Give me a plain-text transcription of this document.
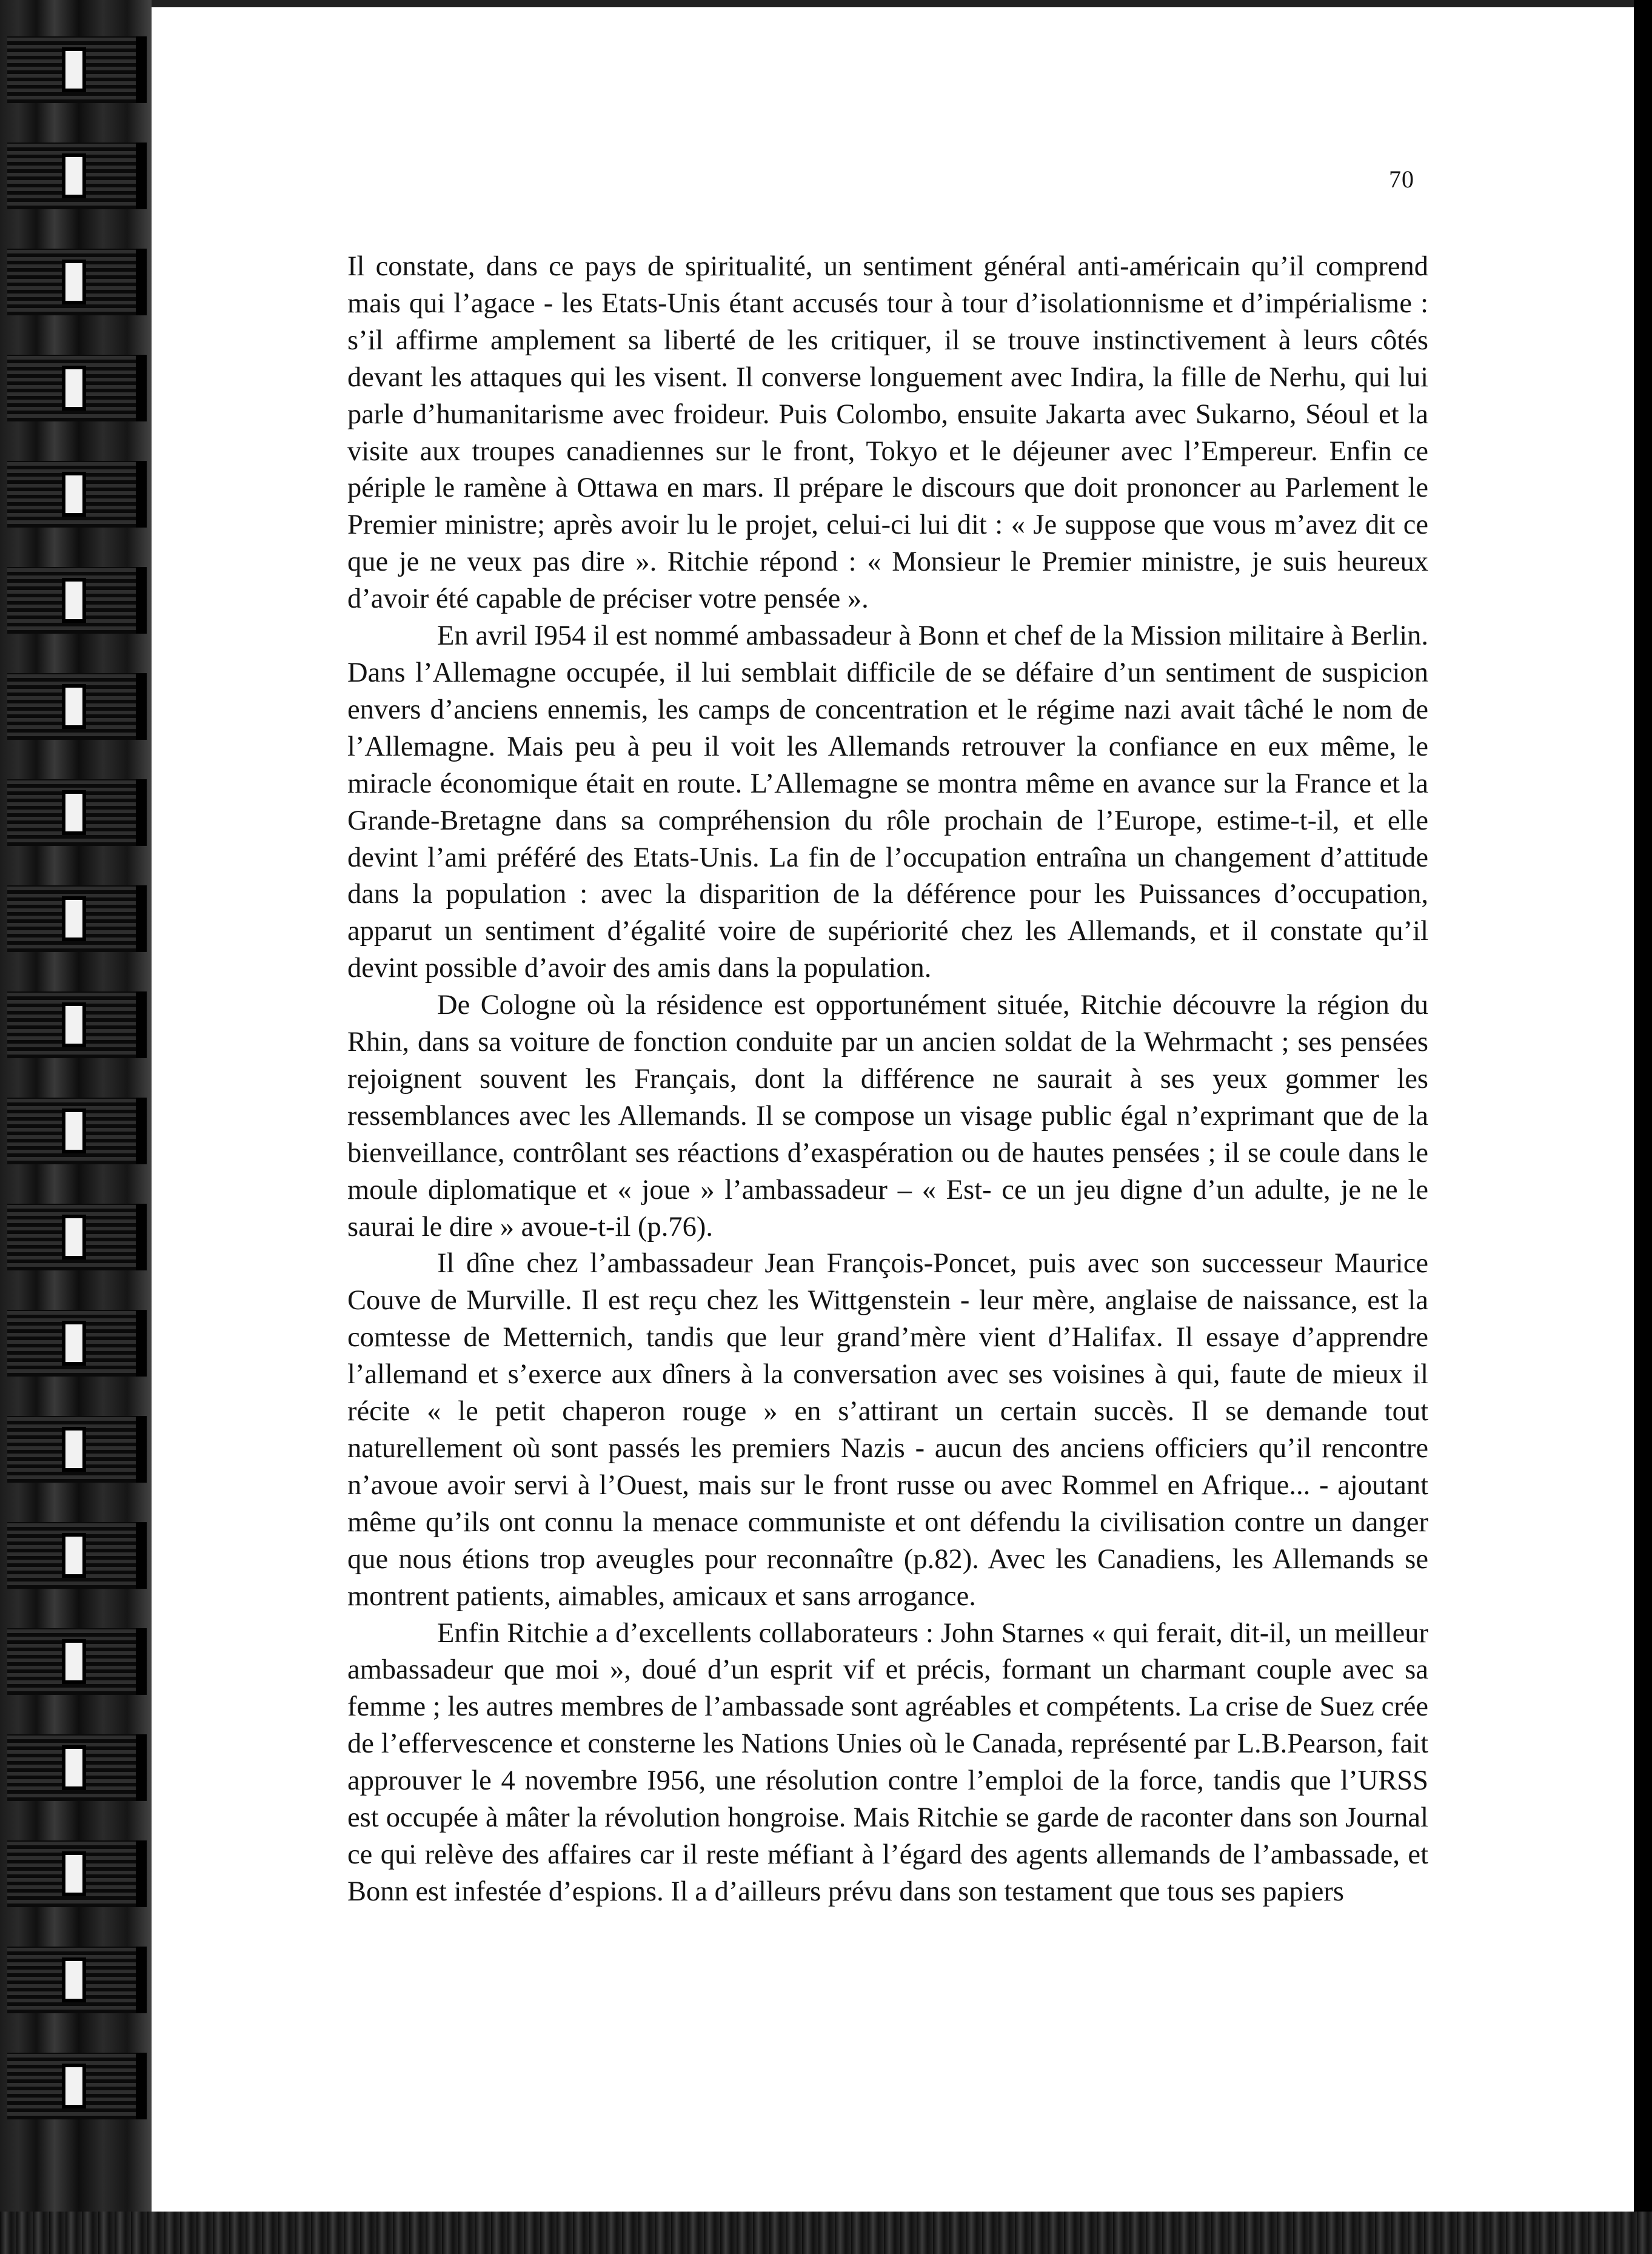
70

Il constate, dans ce pays de spiritualité, un sentiment général anti-américain qu’il comprend mais qui l’agace - les Etats-Unis étant accusés tour à tour d’isolationnisme et d’impérialisme : s’il affirme amplement sa liberté de les critiquer, il se trouve instinctivement à leurs côtés devant les attaques qui les visent. Il converse longuement avec Indira, la fille de Nerhu, qui lui parle d’humanitarisme avec froideur. Puis Colombo, ensuite Jakarta avec Sukarno, Séoul et la visite aux troupes canadiennes sur le front, Tokyo et le déjeuner avec l’Empereur. Enfin ce périple le ramène à Ottawa en mars. Il prépare le discours que doit prononcer au Parlement le Premier ministre; après avoir lu le projet, celui-ci lui dit : « Je suppose que vous m’avez dit ce que je ne veux pas dire ». Ritchie répond : « Monsieur le Premier ministre, je suis heureux d’avoir été capable de préciser votre pensée ».

En avril I954 il est nommé ambassadeur à Bonn et chef de la Mission militaire à Berlin. Dans l’Allemagne occupée, il lui semblait difficile de se défaire d’un sentiment de suspicion envers d’anciens ennemis, les camps de concentration et le régime nazi avait tâché le nom de l’Allemagne. Mais peu à peu il voit les Allemands retrouver la confiance en eux même, le miracle économique était en route. L’Allemagne se montra même en avance sur la France et la Grande-Bretagne dans sa compréhension du rôle prochain de l’Europe, estime-t-il, et elle devint l’ami préféré des Etats-Unis. La fin de l’occupation entraîna un changement d’attitude dans la population : avec la disparition de la déférence pour les Puissances d’occupation, apparut un sentiment d’égalité voire de supériorité chez les Allemands, et il constate qu’il devint possible d’avoir des amis dans la population.

De Cologne où la résidence est opportunément située, Ritchie découvre la région du Rhin, dans sa voiture de fonction conduite par un ancien soldat de la Wehrmacht ; ses pensées rejoignent souvent les Français, dont la différence ne saurait à ses yeux gommer les ressemblances avec les Allemands. Il se compose un visage public égal n’exprimant que de la bienveillance, contrôlant ses réactions d’exaspération ou de hautes pensées ; il se coule dans le moule diplomatique et « joue » l’ambassadeur – « Est- ce un jeu digne d’un adulte, je ne le saurai le dire » avoue-t-il (p.76).

Il dîne chez l’ambassadeur Jean François-Poncet, puis avec son successeur Maurice Couve de Murville. Il est reçu chez les Wittgenstein - leur mère, anglaise de naissance, est la comtesse de Metternich, tandis que leur grand’mère vient d’Halifax. Il essaye d’apprendre l’allemand et s’exerce aux dîners à la conversation avec ses voisines à qui, faute de mieux il récite « le petit chaperon rouge » en s’attirant un certain succès. Il se demande tout naturellement où sont passés les premiers Nazis - aucun des anciens officiers qu’il rencontre n’avoue avoir servi à l’Ouest, mais sur le front russe ou avec Rommel en Afrique... - ajoutant même qu’ils ont connu la menace communiste et ont défendu la civilisation contre un danger que nous étions trop aveugles pour reconnaître (p.82). Avec les Canadiens, les Allemands se montrent patients, aimables, amicaux et sans arrogance.

Enfin Ritchie a d’excellents collaborateurs : John Starnes « qui ferait, dit-il, un meilleur ambassadeur que moi », doué d’un esprit vif et précis, formant un charmant couple avec sa femme ; les autres membres de l’ambassade sont agréables et compétents. La crise de Suez crée de l’effervescence et consterne les Nations Unies où le Canada, représenté par L.B.Pearson, fait approuver le 4 novembre I956, une résolution contre l’emploi de la force, tandis que l’URSS est occupée à mâter la révolution hongroise. Mais Ritchie se garde de raconter dans son Journal ce qui relève des affaires car il reste méfiant à l’égard des agents allemands de l’ambassade, et Bonn est infestée d’espions. Il a d’ailleurs prévu dans son testament que tous ses papiers
